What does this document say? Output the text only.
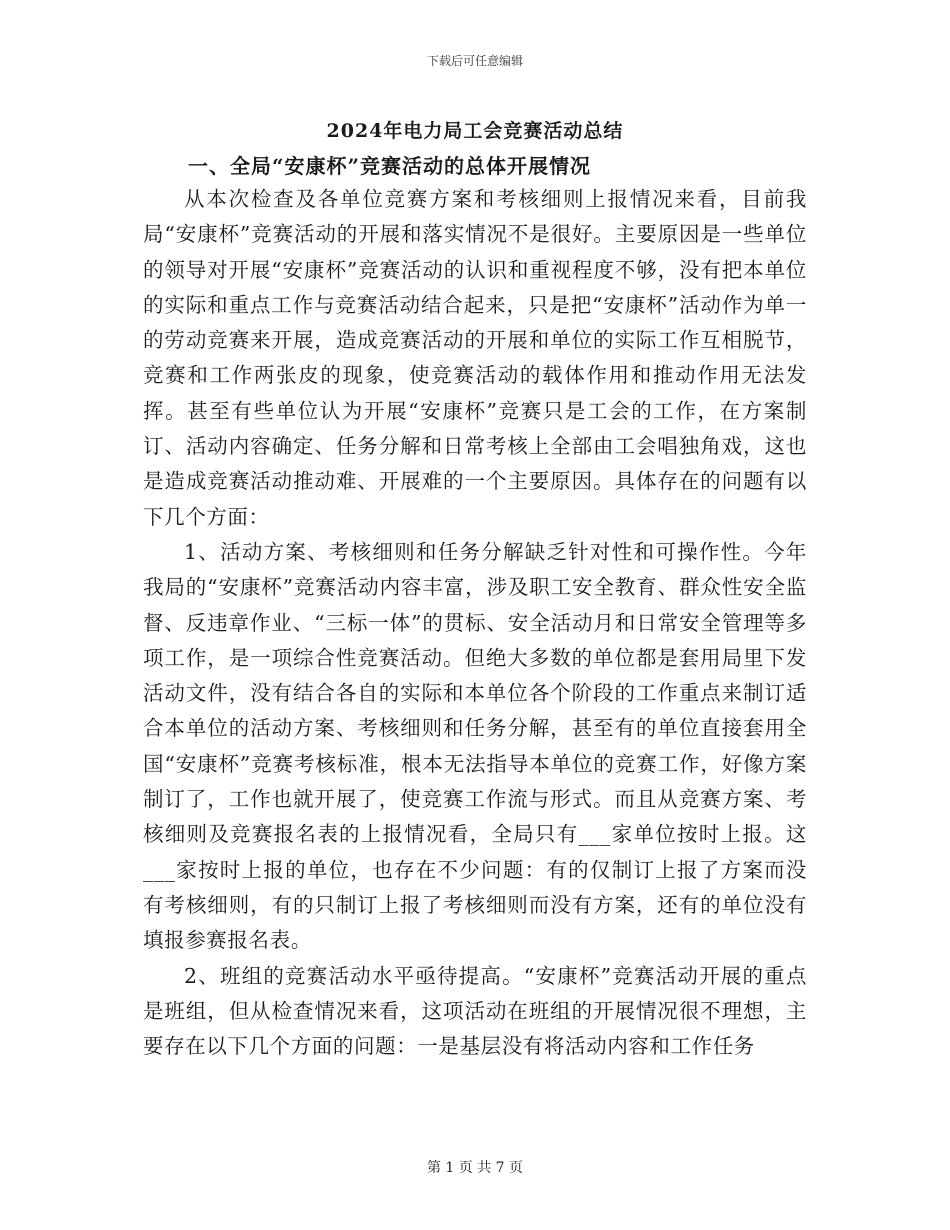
下载后可任意编辑
2024年电力局工会竞赛活动总结
一、全局“安康杯”竞赛活动的总体开展情况

从本次检查及各单位竞赛方案和考核细则上报情况来看，目前我局“安康杯”竞赛活动的开展和落实情况不是很好。主要原因是一些单位的领导对开展“安康杯”竞赛活动的认识和重视程度不够，没有把本单位的实际和重点工作与竞赛活动结合起来，只是把“安康杯”活动作为单一的劳动竞赛来开展，造成竞赛活动的开展和单位的实际工作互相脱节，竞赛和工作两张皮的现象，使竞赛活动的载体作用和推动作用无法发挥。甚至有些单位认为开展“安康杯”竞赛只是工会的工作，在方案制订、活动内容确定、任务分解和日常考核上全部由工会唱独角戏，这也是造成竞赛活动推动难、开展难的一个主要原因。具体存在的问题有以下几个方面：

1、活动方案、考核细则和任务分解缺乏针对性和可操作性。今年我局的“安康杯”竞赛活动内容丰富，涉及职工安全教育、群众性安全监督、反违章作业、“三标一体”的贯标、安全活动月和日常安全管理等多项工作，是一项综合性竞赛活动。但绝大多数的单位都是套用局里下发活动文件，没有结合各自的实际和本单位各个阶段的工作重点来制订适合本单位的活动方案、考核细则和任务分解，甚至有的单位直接套用全国“安康杯”竞赛考核标准，根本无法指导本单位的竞赛工作，好像方案制订了，工作也就开展了，使竞赛工作流与形式。而且从竞赛方案、考核细则及竞赛报名表的上报情况看，全局只有___家单位按时上报。这___家按时上报的单位，也存在不少问题：有的仅制订上报了方案而没有考核细则，有的只制订上报了考核细则而没有方案，还有的单位没有填报参赛报名表。

2、班组的竞赛活动水平亟待提高。“安康杯”竞赛活动开展的重点是班组，但从检查情况来看，这项活动在班组的开展情况很不理想，主要存在以下几个方面的问题：一是基层没有将活动内容和工作任务

第 1 页 共 7 页
